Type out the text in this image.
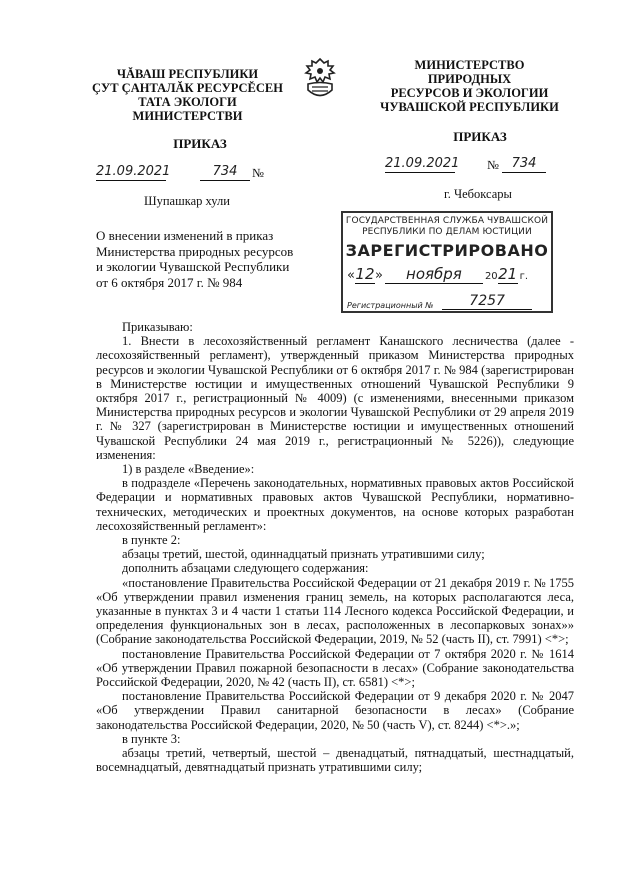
ЧĂВАШ РЕСПУБЛИКИ
ÇУТ ÇАНТАЛĂК РЕСУРСĔСЕН
ТАТА ЭКОЛОГИ
МИНИСТЕРСТВИ
МИНИСТЕРСТВО
ПРИРОДНЫХ
РЕСУРСОВ И ЭКОЛОГИИ
ЧУВАШСКОЙ РЕСПУБЛИКИ
ПРИКАЗ	ПРИКАЗ
21.09.2021	734	№
21.09.2021 № 734
Шупашкар хули	г. Чебоксары
О внесении изменений в приказ
Министерства природных ресурсов
и экологии Чувашской Республики
от 6 октября 2017 г. № 984
ГОСУДАРСТВЕННАЯ СЛУЖБА ЧУВАШСКОЙ
РЕСПУБЛИКИ ПО ДЕЛАМ ЮСТИЦИИ
ЗАРЕГИСТРИРОВАНО
«12» ноября 2021 г.
Регистрационный №	7257

Приказываю:

1. Внести в лесохозяйственный регламент Канашского лесничества (далее - лесохозяйственный регламент), утвержденный приказом Министерства природных ресурсов и экологии Чувашской Республики от 6 октября 2017 г. № 984 (зарегистрирован в Министерстве юстиции и имущественных отношений Чувашской Республики 9 октября 2017 г., регистрационный № 4009) (с изменениями, внесенными приказом Министерства природных ресурсов и экологии Чувашской Республики от 29 апреля 2019 г. № 327 (зарегистрирован в Министерстве юстиции и имущественных отношений Чувашской Республики 24 мая 2019 г., регистрационный № 5226)), следующие изменения:

1) в разделе «Введение»:

в подразделе «Перечень законодательных, нормативных правовых актов Российской Федерации и нормативных правовых актов Чувашской Республики, нормативно-технических, методических и проектных документов, на основе которых разработан лесохозяйственный регламент»:

в пункте 2:

абзацы третий, шестой, одиннадцатый признать утратившими силу;

дополнить абзацами следующего содержания:

«постановление Правительства Российской Федерации от 21 декабря 2019 г. № 1755 «Об утверждении правил изменения границ земель, на которых располагаются леса, указанные в пунктах 3 и 4 части 1 статьи 114 Лесного кодекса Российской Федерации, и определения функциональных зон в лесах, расположенных в лесопарковых зонах»» (Собрание законодательства Российской Федерации, 2019, № 52 (часть II), ст. 7991) <*>;

постановление Правительства Российской Федерации от 7 октября 2020 г. № 1614 «Об утверждении Правил пожарной безопасности в лесах» (Собрание законодательства Российской Федерации, 2020, № 42 (часть II), ст. 6581) <*>;

постановление Правительства Российской Федерации от 9 декабря 2020 г. № 2047 «Об утверждении Правил санитарной безопасности в лесах» (Собрание законодательства Российской Федерации, 2020, № 50 (часть V), ст. 8244) <*>.»;

в пункте 3:

абзацы третий, четвертый, шестой – двенадцатый, пятнадцатый, шестнадцатый, восемнадцатый, девятнадцатый признать утратившими силу;
